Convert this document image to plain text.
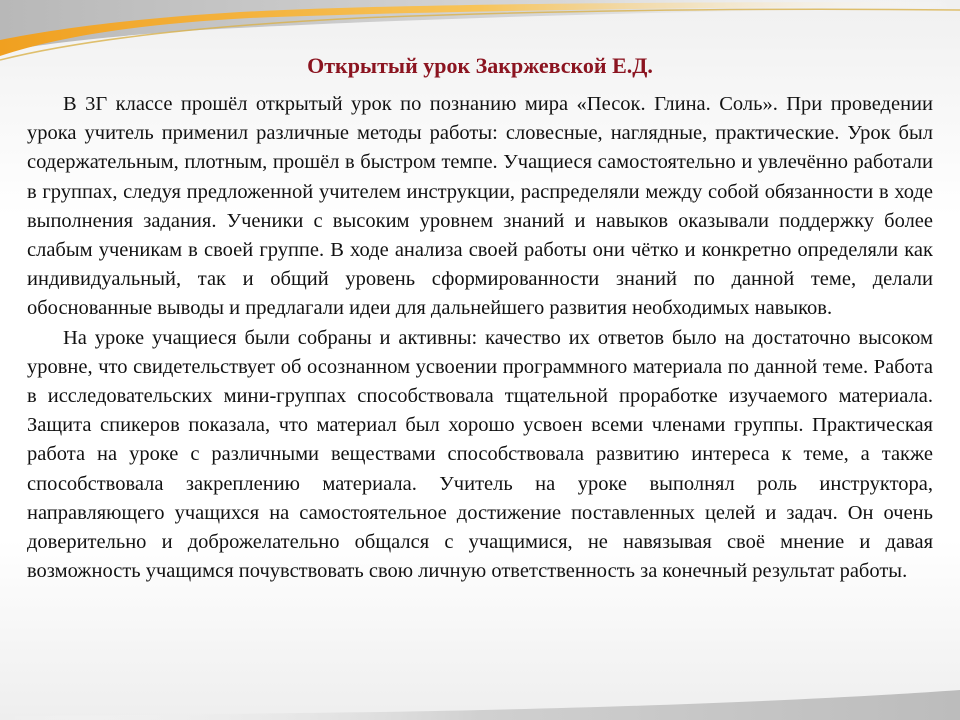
Открытый урок Закржевской Е.Д.

В 3Г классе прошёл открытый урок по познанию мира «Песок. Глина. Соль». При проведении урока учитель применил различные методы работы: словесные, наглядные, практические. Урок был содержательным, плотным, прошёл в быстром темпе. Учащиеся самостоятельно и увлечённо работали в группах, следуя предложенной учителем инструкции, распределяли между собой обязанности в ходе выполнения задания. Ученики с высоким уровнем знаний и навыков оказывали поддержку более слабым ученикам в своей группе. В ходе анализа своей работы они чётко и конкретно определяли как индивидуальный, так и общий уровень сформированности знаний по данной теме, делали обоснованные выводы и предлагали идеи для дальнейшего развития необходимых навыков.

На уроке учащиеся были собраны и активны: качество их ответов было на достаточно высоком уровне, что свидетельствует об осознанном усвоении программного материала по данной теме. Работа в исследовательских мини-группах способствовала тщательной проработке изучаемого материала. Защита спикеров показала, что материал был хорошо усвоен всеми членами группы. Практическая работа на уроке с различными веществами способствовала развитию интереса к теме, а также способствовала закреплению материала. Учитель на уроке выполнял роль инструктора, направляющего учащихся на самостоятельное достижение поставленных целей и задач. Он очень доверительно и доброжелательно общался с учащимися, не навязывая своё мнение и давая возможность учащимся почувствовать свою личную ответственность за конечный результат работы.
